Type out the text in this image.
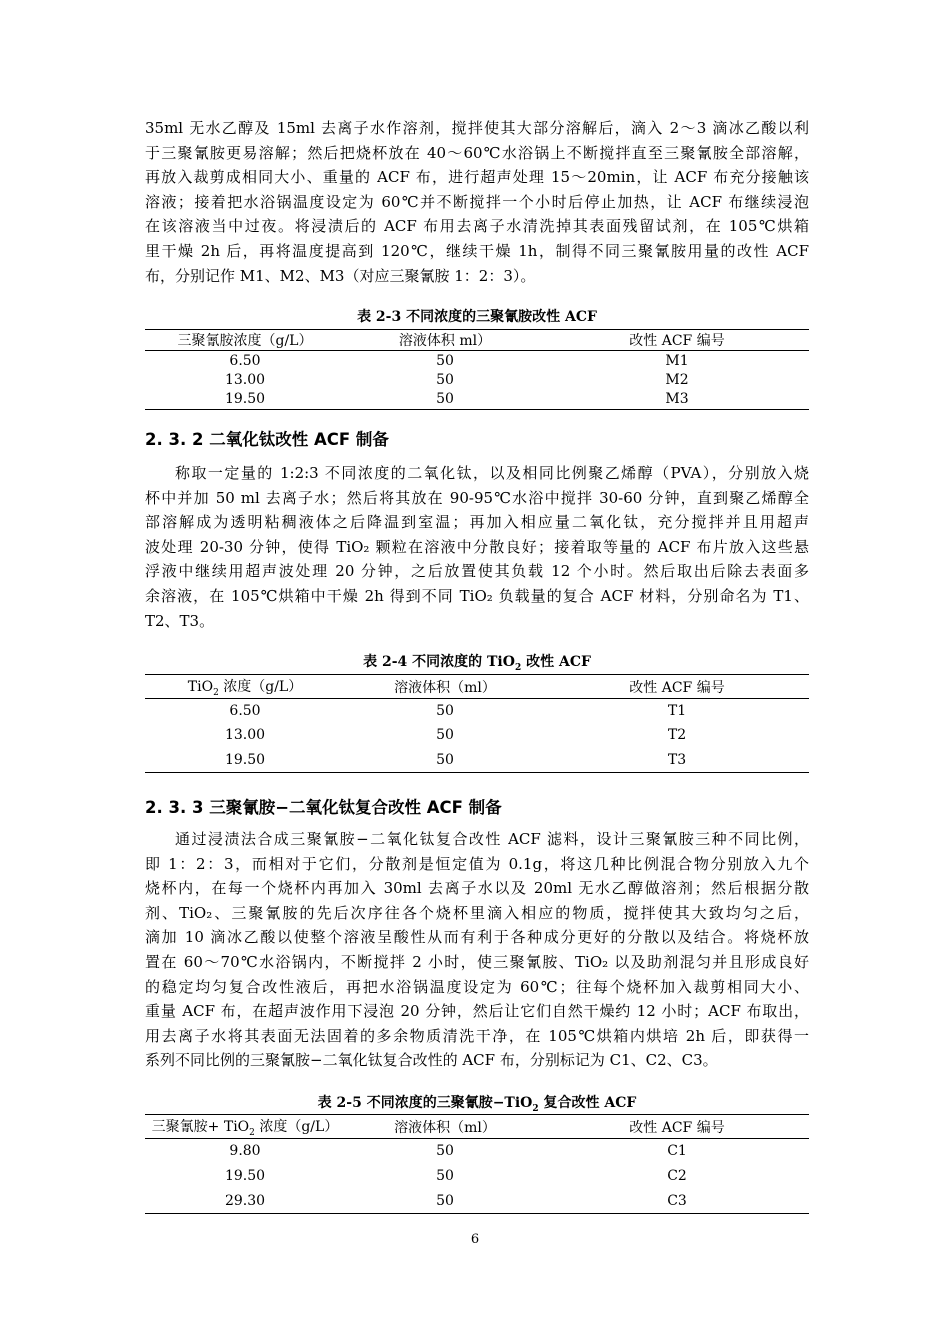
35ml 无水乙醇及 15ml 去离子水作溶剂，搅拌使其大部分溶解后，滴入 2～3 滴冰乙酸以利

于三聚氰胺更易溶解；然后把烧杯放在 40～60℃水浴锅上不断搅拌直至三聚氰胺全部溶解，

再放入裁剪成相同大小、重量的 ACF 布，进行超声处理 15～20min，让 ACF 布充分接触该

溶液；接着把水浴锅温度设定为 60℃并不断搅拌一个小时后停止加热，让 ACF 布继续浸泡

在该溶液当中过夜。将浸渍后的 ACF 布用去离子水清洗掉其表面残留试剂，在 105℃烘箱

里干燥 2h 后，再将温度提高到 120℃，继续干燥 1h，制得不同三聚氰胺用量的改性 ACF

布，分别记作 M1、M2、M3（对应三聚氰胺 1：2：3）。

表 2-3 不同浓度的三聚氰胺改性 ACF
三聚氰胺浓度（g/L）	溶液体积 ml）	改性 ACF 编号
6.50	50	M1
13.00	50	M2
19.50	50	M3
2. 3. 2 二氧化钛改性 ACF 制备

称取一定量的 1:2:3 不同浓度的二氧化钛，以及相同比例聚乙烯醇（PVA），分别放入烧

杯中并加 50 ml 去离子水；然后将其放在 90-95℃水浴中搅拌 30-60 分钟，直到聚乙烯醇全

部溶解成为透明粘稠液体之后降温到室温；再加入相应量二氧化钛，充分搅拌并且用超声

波处理 20-30 分钟，使得 TiO₂ 颗粒在溶液中分散良好；接着取等量的 ACF 布片放入这些悬

浮液中继续用超声波处理 20 分钟，之后放置使其负载 12 个小时。然后取出后除去表面多

余溶液，在 105℃烘箱中干燥 2h 得到不同 TiO₂ 负载量的复合 ACF 材料，分别命名为 T1、

T2、T3。

表 2-4 不同浓度的 TiO$_2$ 改性 ACF
TiO$_2$ 浓度（g/L）	溶液体积（ml）	改性 ACF 编号
6.50	50	T1
13.00	50	T2
19.50	50	T3
2. 3. 3 三聚氰胺−二氧化钛复合改性 ACF 制备

通过浸渍法合成三聚氰胺−二氧化钛复合改性 ACF 滤料，设计三聚氰胺三种不同比例，

即 1：2：3，而相对于它们，分散剂是恒定值为 0.1g，将这几种比例混合物分别放入九个

烧杯内，在每一个烧杯内再加入 30ml 去离子水以及 20ml 无水乙醇做溶剂；然后根据分散

剂、TiO₂、三聚氰胺的先后次序往各个烧杯里滴入相应的物质，搅拌使其大致均匀之后，

滴加 10 滴冰乙酸以使整个溶液呈酸性从而有利于各种成分更好的分散以及结合。将烧杯放

置在 60～70℃水浴锅内，不断搅拌 2 小时，使三聚氰胺、TiO₂ 以及助剂混匀并且形成良好

的稳定均匀复合改性液后，再把水浴锅温度设定为 60℃；往每个烧杯加入裁剪相同大小、

重量 ACF 布，在超声波作用下浸泡 20 分钟，然后让它们自然干燥约 12 小时；ACF 布取出，

用去离子水将其表面无法固着的多余物质清洗干净，在 105℃烘箱内烘培 2h 后，即获得一

系列不同比例的三聚氰胺−二氧化钛复合改性的 ACF 布，分别标记为 C1、C2、C3。

表 2-5 不同浓度的三聚氰胺−TiO$_2$ 复合改性 ACF
三聚氰胺+ TiO$_2$ 浓度（g/L）	溶液体积（ml）	改性 ACF 编号
9.80	50	C1
19.50	50	C2
29.30	50	C3
6
